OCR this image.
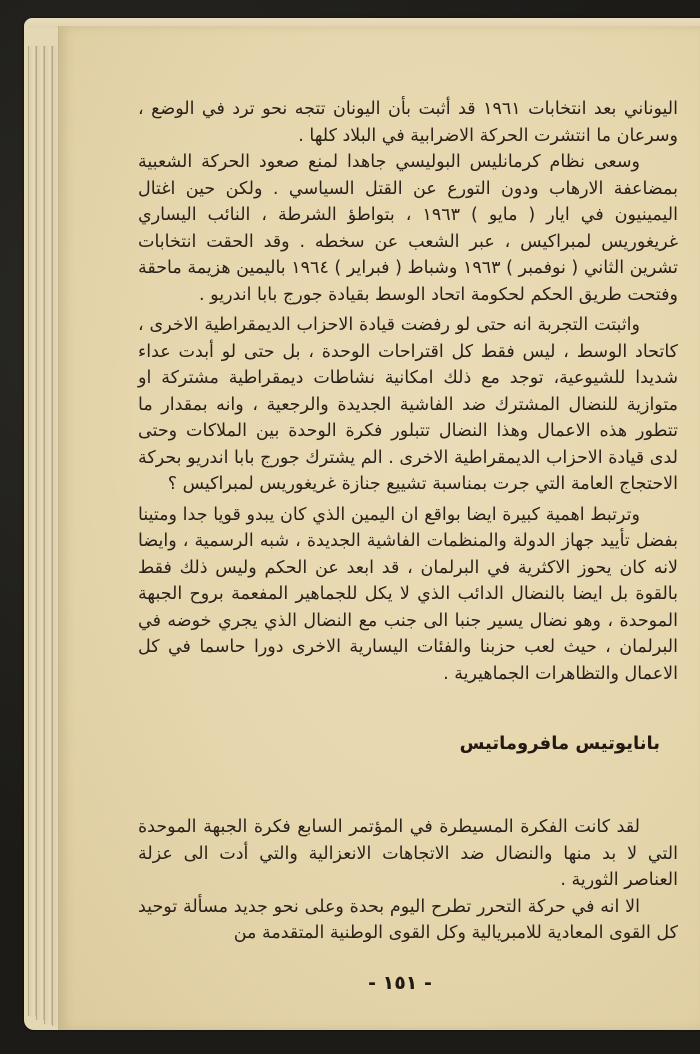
اليوناني بعد انتخابات ١٩٦١ قد أثبت بأن اليونان تتجه نحو ترد في الوضع ، وسرعان ما انتشرت الحركة الاضرابية في البلاد كلها .

وسعى نظام كرمانليس البوليسي جاهدا لمنع صعود الحركة الشعبية بمضاعفة الارهاب ودون التورع عن القتل السياسي . ولكن حين اغتال اليمينيون في ايار ( مايو ) ١٩٦٣ ، بتواطؤ الشرطة ، النائب اليساري غريغوريس لمبراكيس ، عبر الشعب عن سخطه . وقد الحقت انتخابات تشرين الثاني ( نوفمبر ) ١٩٦٣ وشباط ( فبراير ) ١٩٦٤ باليمين هزيمة ماحقة وفتحت طريق الحكم لحكومة اتحاد الوسط بقيادة جورج بابا اندريو .

واثبتت التجربة انه حتى لو رفضت قيادة الاحزاب الديمقراطية الاخرى ، كاتحاد الوسط ، ليس فقط كل اقتراحات الوحدة ، بل حتى لو أبدت عداء شديدا للشيوعية، توجد مع ذلك امكانية نشاطات ديمقراطية مشتركة او متوازية للنضال المشترك ضد الفاشية الجديدة والرجعية ، وانه بمقدار ما تتطور هذه الاعمال وهذا النضال تتبلور فكرة الوحدة بين الملاكات وحتى لدى قيادة الاحزاب الديمقراطية الاخرى . الم يشترك جورج بابا اندريو بحركة الاحتجاج العامة التي جرت بمناسبة تشييع جنازة غريغوريس لمبراكيس ؟

وترتبط اهمية كبيرة ايضا بواقع ان اليمين الذي كان يبدو قويا جدا ومتينا بفضل تأييد جهاز الدولة والمنظمات الفاشية الجديدة ، شبه الرسمية ، وايضا لانه كان يحوز الاكثرية في البرلمان ، قد ابعد عن الحكم وليس ذلك فقط بالقوة بل ايضا بالنضال الدائب الذي لا يكل للجماهير المفعمة بروح الجبهة الموحدة ، وهو نضال يسير جنبا الى جنب مع النضال الذي يجري خوضه في البرلمان ، حيث لعب حزبنا والفئات اليسارية الاخرى دورا حاسما في كل الاعمال والتظاهرات الجماهيرية .

بانايوتيس مافروماتيس

لقد كانت الفكرة المسيطرة في المؤتمر السابع فكرة الجبهة الموحدة التي لا بد منها والنضال ضد الاتجاهات الانعزالية والتي أدت الى عزلة العناصر الثورية .

الا انه في حركة التحرر تطرح اليوم بحدة وعلى نحو جديد مسألة توحيد كل القوى المعادية للامبريالية وكل القوى الوطنية المتقدمة من

- ١٥١ -
